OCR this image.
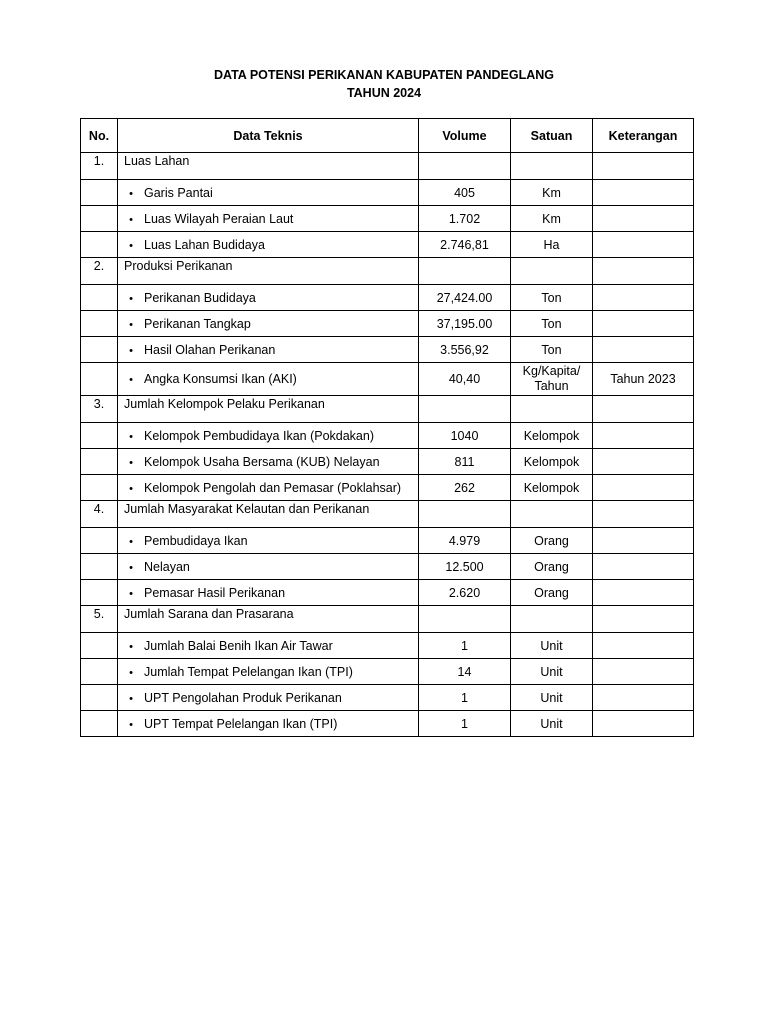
DATA POTENSI PERIKANAN KABUPATEN PANDEGLANG
TAHUN 2024
No.	Data Teknis	Volume	Satuan	Keterangan
1.	Luas Lahan			
	• Garis Pantai	405	Km	
	• Luas Wilayah Peraian Laut	1.702	Km	
	• Luas Lahan Budidaya	2.746,81	Ha	
2.	Produksi Perikanan			
	• Perikanan Budidaya	27,424.00	Ton	
	• Perikanan Tangkap	37,195.00	Ton	
	• Hasil Olahan Perikanan	3.556,92	Ton	
	• Angka Konsumsi Ikan (AKI)	40,40	Kg/Kapita/ Tahun	Tahun 2023
3.	Jumlah Kelompok Pelaku Perikanan			
	• Kelompok Pembudidaya Ikan (Pokdakan)	1040	Kelompok	
	• Kelompok Usaha Bersama (KUB) Nelayan	811	Kelompok	
	• Kelompok Pengolah dan Pemasar (Poklahsar)	262	Kelompok	
4.	Jumlah Masyarakat Kelautan dan Perikanan			
	• Pembudidaya Ikan	4.979	Orang	
	• Nelayan	12.500	Orang	
	• Pemasar Hasil Perikanan	2.620	Orang	
5.	Jumlah Sarana dan Prasarana			
	• Jumlah Balai Benih Ikan Air Tawar	1	Unit	
	• Jumlah Tempat Pelelangan Ikan (TPI)	14	Unit	
	• UPT Pengolahan Produk Perikanan	1	Unit	
	• UPT Tempat Pelelangan Ikan (TPI)	1	Unit	
